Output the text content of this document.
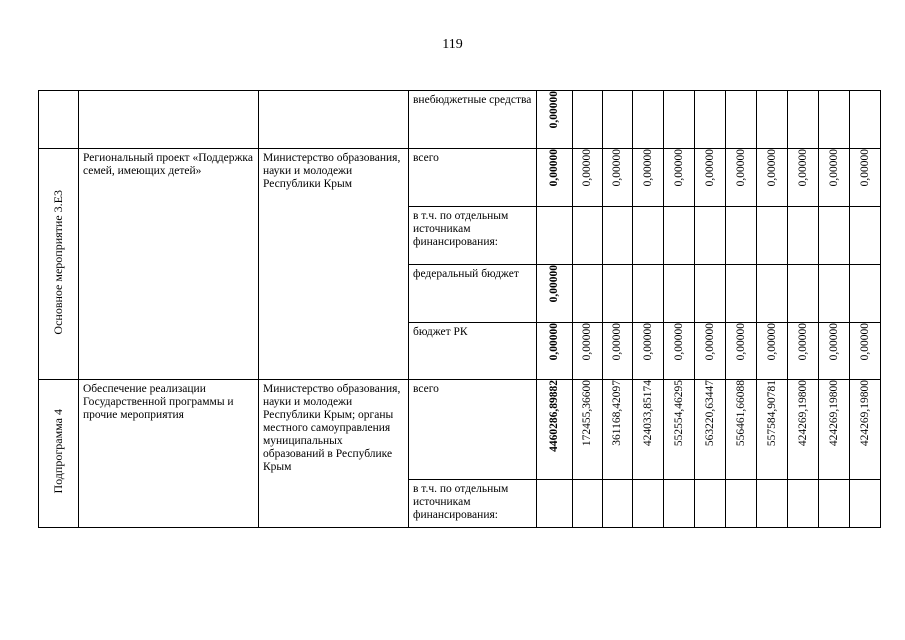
119

			внебюджетные средства	0,00000										
Основное мероприятие 3.Е3	Региональный проект «Поддержка семей, имеющих детей»	Министерство образования, науки и молодежи Республики Крым	всего	0,00000	0,00000	0,00000	0,00000	0,00000	0,00000	0,00000	0,00000	0,00000	0,00000	0,00000

			в т.ч. по отдельным источникам финансирования:											

			федеральный бюджет	0,00000										

			бюджет РК	0,00000	0,00000	0,00000	0,00000	0,00000	0,00000	0,00000	0,00000	0,00000	0,00000	0,00000
Подпрограмма 4	Обеспечение реализации Государственной программы и прочие мероприятия	Министерство образования, науки и молодежи Республики Крым; органы местного самоуправления муниципальных образований в Республике Крым	всего	4460286,89882	172455,36600	361168,42097	424033,85174	552554,46295	563220,63447	556461,66088	557584,90781	424269,19800	424269,19800	424269,19800

			в т.ч. по отдельным источникам финансирования:											
